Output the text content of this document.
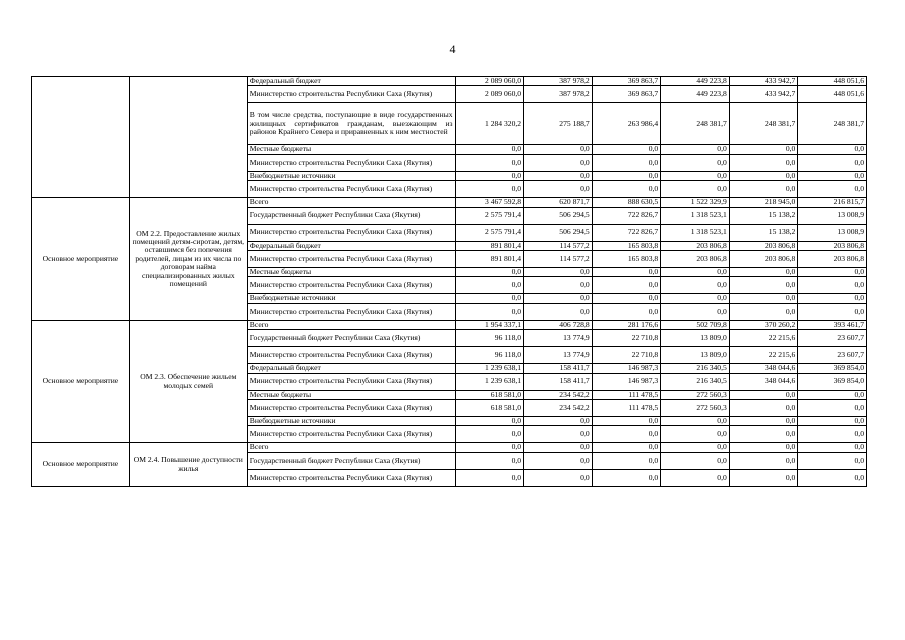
4
		Федеральный бюджет	2 089 060,0	387 978,2	369 863,7	449 223,8	433 942,7	448 051,6
		Министерство строительства Республики Саха (Якутия)	2 089 060,0	387 978,2	369 863,7	449 223,8	433 942,7	448 051,6
		В том числе средства, поступающие в виде государственных жилищных сертификатов гражданам, выезжающим из районов Крайнего Севера и приравненных к ним местностей	1 284 320,2	275 188,7	263 986,4	248 381,7	248 381,7	248 381,7
		Местные бюджеты	0,0	0,0	0,0	0,0	0,0	0,0
		Министерство строительства Республики Саха (Якутия)	0,0	0,0	0,0	0,0	0,0	0,0
		Внебюджетные источники	0,0	0,0	0,0	0,0	0,0	0,0
		Министерство строительства Республики Саха (Якутия)	0,0	0,0	0,0	0,0	0,0	0,0
Основное мероприятие	ОМ 2.2. Предоставление жилых помещений детям-сиротам, детям, оставшимся без попечения родителей, лицам из их числа по договорам найма специализированных жилых помещений	Всего	3 467 592,8	620 871,7	888 630,5	1 522 329,9	218 945,0	216 815,7
		Государственный бюджет Республики Саха (Якутия)	2 575 791,4	506 294,5	722 826,7	1 318 523,1	15 138,2	13 008,9
		Министерство строительства Республики Саха (Якутия)	2 575 791,4	506 294,5	722 826,7	1 318 523,1	15 138,2	13 008,9
		Федеральный бюджет	891 801,4	114 577,2	165 803,8	203 806,8	203 806,8	203 806,8
		Министерство строительства Республики Саха (Якутия)	891 801,4	114 577,2	165 803,8	203 806,8	203 806,8	203 806,8
		Местные бюджеты	0,0	0,0	0,0	0,0	0,0	0,0
		Министерство строительства Республики Саха (Якутия)	0,0	0,0	0,0	0,0	0,0	0,0
		Внебюджетные источники	0,0	0,0	0,0	0,0	0,0	0,0
		Министерство строительства Республики Саха (Якутия)	0,0	0,0	0,0	0,0	0,0	0,0
Основное мероприятие	ОМ 2.3. Обеспечение жильем молодых семей	Всего	1 954 337,1	406 728,8	281 176,6	502 709,8	370 260,2	393 461,7
		Государственный бюджет Республики Саха (Якутия)	96 118,0	13 774,9	22 710,8	13 809,0	22 215,6	23 607,7
		Министерство строительства Республики Саха (Якутия)	96 118,0	13 774,9	22 710,8	13 809,0	22 215,6	23 607,7
		Федеральный бюджет	1 239 638,1	158 411,7	146 987,3	216 340,5	348 044,6	369 854,0
		Министерство строительства Республики Саха (Якутия)	1 239 638,1	158 411,7	146 987,3	216 340,5	348 044,6	369 854,0
		Местные бюджеты	618 581,0	234 542,2	111 478,5	272 560,3	0,0	0,0
		Министерство строительства Республики Саха (Якутия)	618 581,0	234 542,2	111 478,5	272 560,3	0,0	0,0
		Внебюджетные источники	0,0	0,0	0,0	0,0	0,0	0,0
		Министерство строительства Республики Саха (Якутия)	0,0	0,0	0,0	0,0	0,0	0,0
Основное мероприятие	ОМ 2.4. Повышение доступности жилья	Всего	0,0	0,0	0,0	0,0	0,0	0,0
		Государственный бюджет Республики Саха (Якутия)	0,0	0,0	0,0	0,0	0,0	0,0
		Министерство строительства Республики Саха (Якутия)	0,0	0,0	0,0	0,0	0,0	0,0
